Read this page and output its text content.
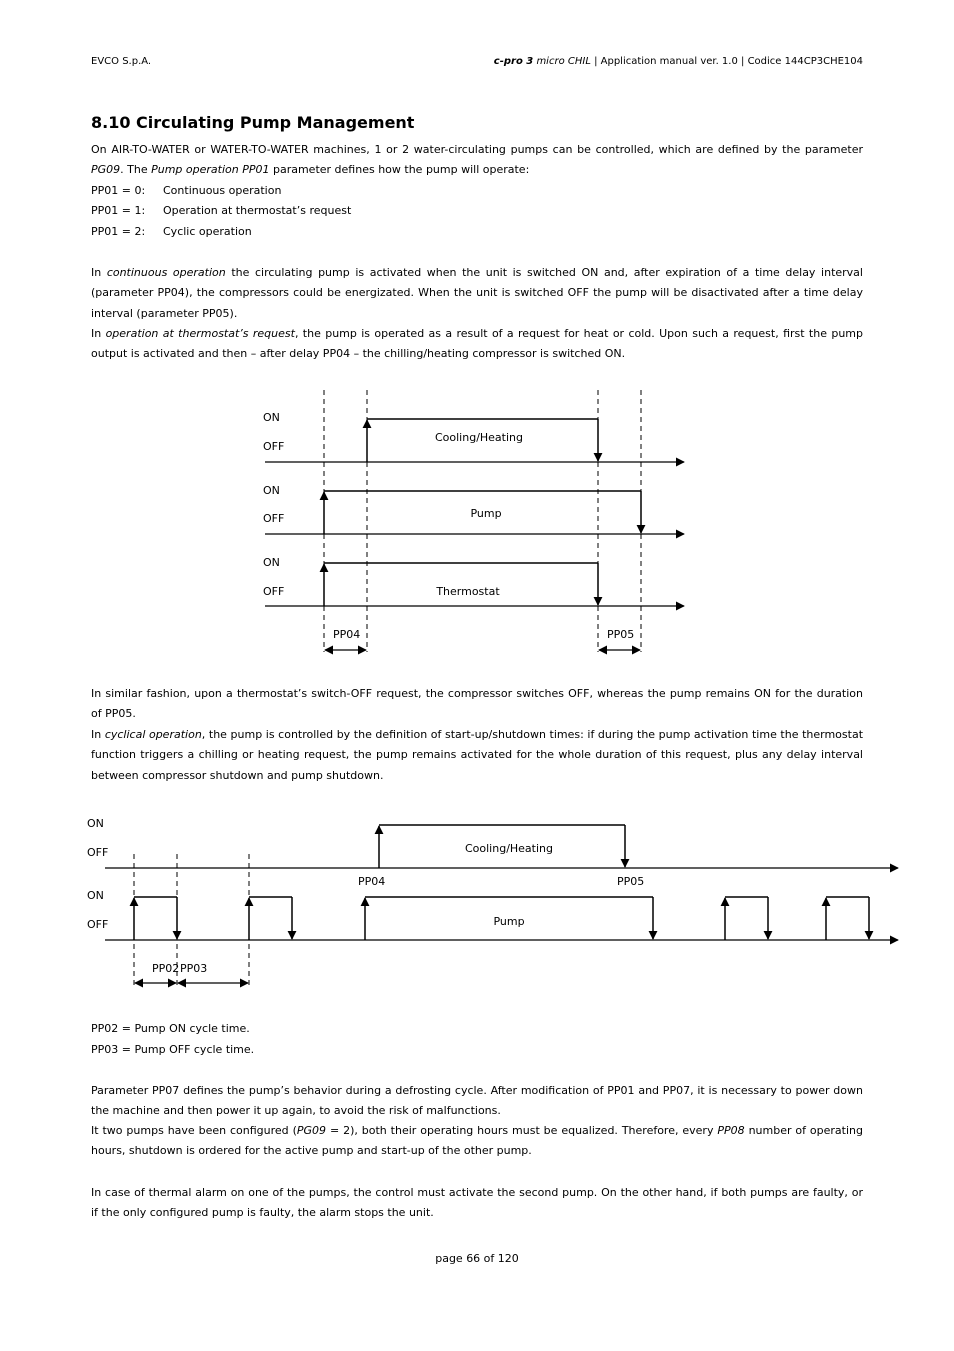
EVCO S.p.A.	c-pro 3 micro CHIL | Application manual ver. 1.0 | Codice 144CP3CHE104
8.10 Circulating Pump Management

On AIR-TO-WATER or WATER-TO-WATER machines, 1 or 2 water-circulating pumps can be controlled, which are defined by the parameter PG09. The Pump operation PP01 parameter defines how the pump will operate:

PP01 = 0: Continuous operation
PP01 = 1: Operation at thermostat’s request
PP01 = 2: Cyclic operation

In continuous operation the circulating pump is activated when the unit is switched ON and, after expiration of a time delay interval (parameter PP04), the compressors could be energizated. When the unit is switched OFF the pump will be disactivated after a time delay interval (parameter PP05).

In operation at thermostat’s request, the pump is operated as a result of a request for heat or cold. Upon such a request, first the pump output is activated and then – after delay PP04 – the chilling/heating compressor is switched ON.

In similar fashion, upon a thermostat’s switch-OFF request, the compressor switches OFF, whereas the pump remains ON for the duration of PP05.

In cyclical operation, the pump is controlled by the definition of start-up/shutdown times: if during the pump activation time the thermostat function triggers a chilling or heating request, the pump remains activated for the whole duration of this request, plus any delay interval between compressor shutdown and pump shutdown.

PP02 = Pump ON cycle time.
PP03 = Pump OFF cycle time.

Parameter PP07 defines the pump’s behavior during a defrosting cycle. After modification of PP01 and PP07, it is necessary to power down the machine and then power it up again, to avoid the risk of malfunctions.

It two pumps have been configured (PG09 = 2), both their operating hours must be equalized. Therefore, every PP08 number of operating hours, shutdown is ordered for the active pump and start-up of the other pump.

In case of thermal alarm on one of the pumps, the control must activate the second pump. On the other hand, if both pumps are faulty, or if the only configured pump is faulty, the alarm stops the unit.

page 66 of 120
ON
OFF
Cooling/Heating
ON
OFF	Pump
ON
OFF	Thermostat
PP04	PP05
ON
OFF	Cooling/Heating
PP04	PP05
ON
OFF	Pump
PP02 PP03
